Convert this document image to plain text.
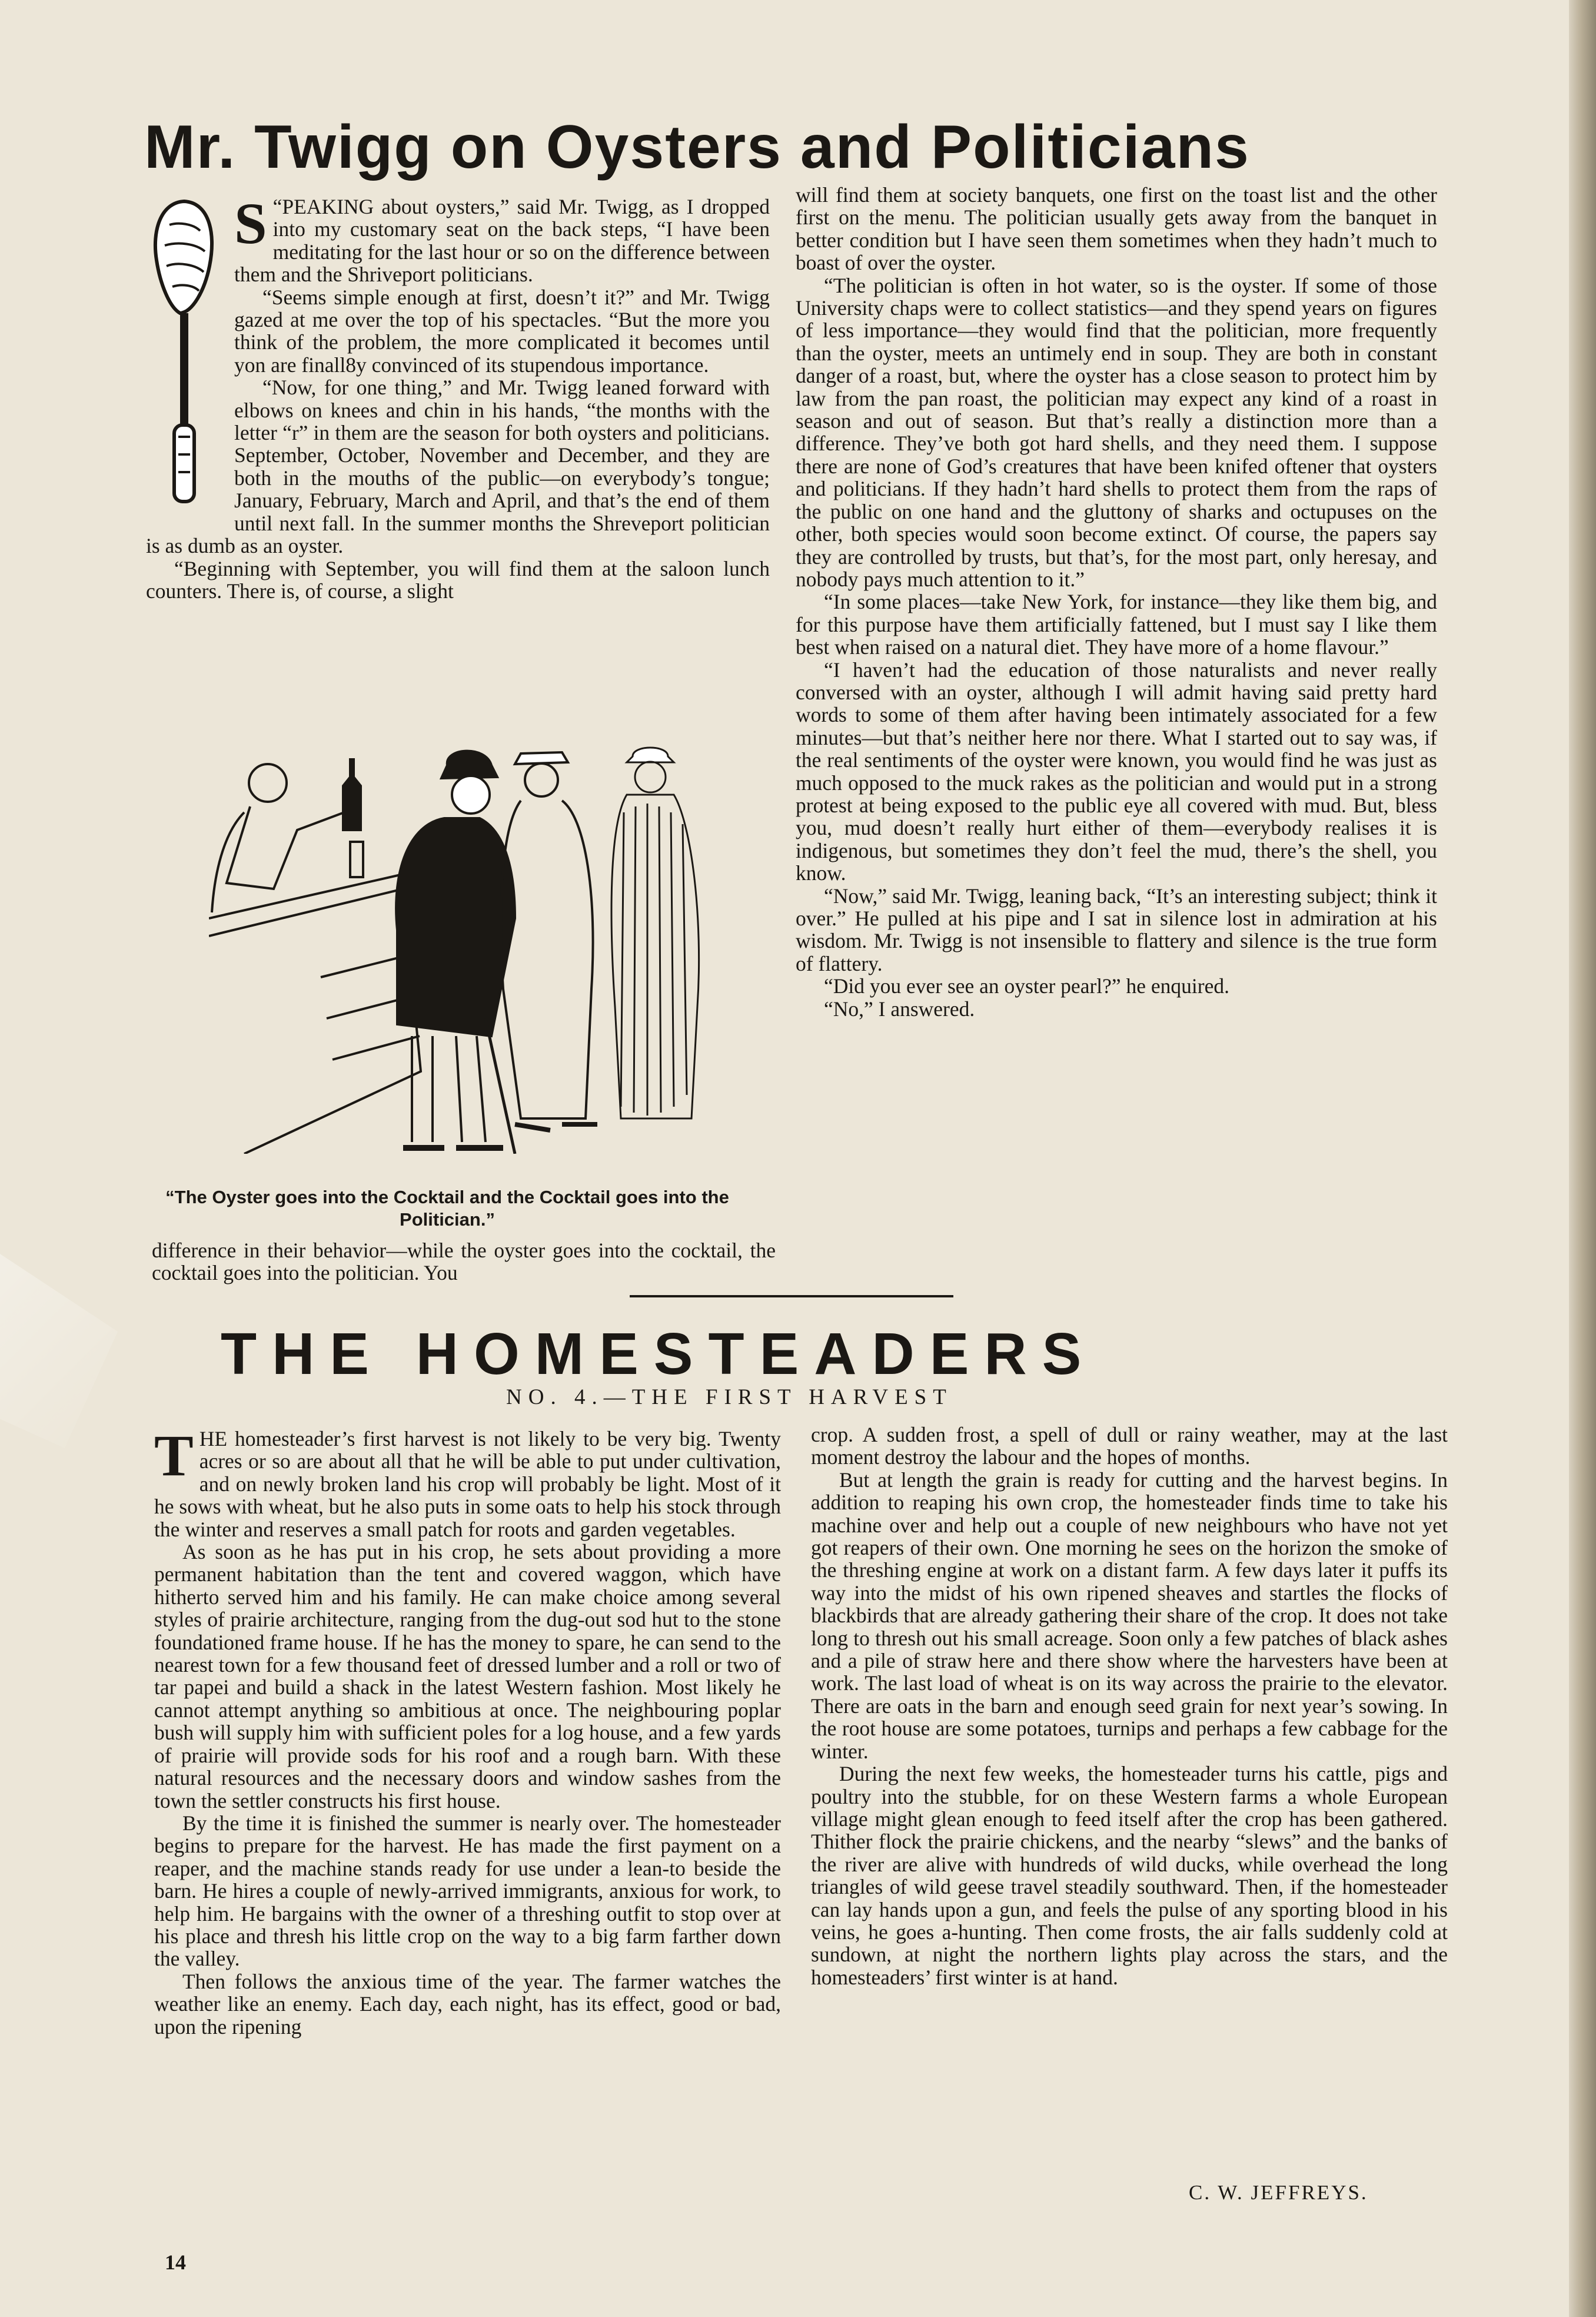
Mr. Twigg on Oysters and Politicians
S “PEAKING about oysters,” said Mr. Twigg, as I dropped into my customary seat on the back steps, “I have been meditating for the last hour or so on the difference between them and the Shriveport politicians.

“Seems simple enough at first, doesn’t it?” and Mr. Twigg gazed at me over the top of his spectacles. “But the more you think of the problem, the more complicated it becomes until yon are finall8y convinced of its stupendous importance.

“Now, for one thing,” and Mr. Twigg leaned forward with elbows on knees and chin in his hands, “the months with the letter “r” in them are the season for both oysters and politicians. September, October, November and December, and they are both in the mouths of the public—on everybody’s tongue; January, February, March and April, and that’s the end of them until next fall. In the summer months the Shreveport politician is as dumb as an oyster.

“Beginning with September, you will find them at the saloon lunch counters. There is, of course, a slight

“The Oyster goes into the Cocktail and the Cocktail goes into the Politician.”

difference in their behavior—while the oyster goes into the cocktail, the cocktail goes into the politician. You

will find them at society banquets, one first on the toast list and the other first on the menu. The politician usually gets away from the banquet in better condition but I have seen them sometimes when they hadn’t much to boast of over the oyster.

“The politician is often in hot water, so is the oyster. If some of those University chaps were to collect statistics—and they spend years on figures of less importance—they would find that the politician, more frequently than the oyster, meets an untimely end in soup. They are both in constant danger of a roast, but, where the oyster has a close season to protect him by law from the pan roast, the politician may expect any kind of a roast in season and out of season. But that’s really a distinction more than a difference. They’ve both got hard shells, and they need them. I suppose there are none of God’s creatures that have been knifed oftener that oysters and politicians. If they hadn’t hard shells to protect them from the raps of the public on one hand and the gluttony of sharks and octupuses on the other, both species would soon become extinct. Of course, the papers say they are controlled by trusts, but that’s, for the most part, only heresay, and nobody pays much attention to it.”

“In some places—take New York, for instance—they like them big, and for this purpose have them artificially fattened, but I must say I like them best when raised on a natural diet. They have more of a home flavour.”

“I haven’t had the education of those naturalists and never really conversed with an oyster, although I will admit having said pretty hard words to some of them after having been intimately associated for a few minutes—but that’s neither here nor there. What I started out to say was, if the real sentiments of the oyster were known, you would find he was just as much opposed to the muck rakes as the politician and would put in a strong protest at being exposed to the public eye all covered with mud. But, bless you, mud doesn’t really hurt either of them—everybody realises it is indigenous, but sometimes they don’t feel the mud, there’s the shell, you know.

“Now,” said Mr. Twigg, leaning back, “It’s an interesting subject; think it over.” He pulled at his pipe and I sat in silence lost in admiration at his wisdom. Mr. Twigg is not insensible to flattery and silence is the true form of flattery.

“Did you ever see an oyster pearl?” he enquired.

“No,” I answered.

THE HOMESTEADERS

NO. 4.—THE FIRST HARVEST

T HE homesteader’s first harvest is not likely to be very big. Twenty acres or so are about all that he will be able to put under cultivation, and on newly broken land his crop will probably be light. Most of it he sows with wheat, but he also puts in some oats to help his stock through the winter and reserves a small patch for roots and garden vegetables.

As soon as he has put in his crop, he sets about providing a more permanent habitation than the tent and covered waggon, which have hitherto served him and his family. He can make choice among several styles of prairie architecture, ranging from the dug-out sod hut to the stone foundationed frame house. If he has the money to spare, he can send to the nearest town for a few thousand feet of dressed lumber and a roll or two of tar papei and build a shack in the latest Western fashion. Most likely he cannot attempt anything so ambitious at once. The neighbouring poplar bush will supply him with sufficient poles for a log house, and a few yards of prairie will provide sods for his roof and a rough barn. With these natural resources and the necessary doors and window sashes from the town the settler constructs his first house.

By the time it is finished the summer is nearly over. The homesteader begins to prepare for the harvest. He has made the first payment on a reaper, and the machine stands ready for use under a lean-to beside the barn. He hires a couple of newly-arrived immigrants, anxious for work, to help him. He bargains with the owner of a threshing outfit to stop over at his place and thresh his little crop on the way to a big farm farther down the valley.

Then follows the anxious time of the year. The farmer watches the weather like an enemy. Each day, each night, has its effect, good or bad, upon the ripening

crop. A sudden frost, a spell of dull or rainy weather, may at the last moment destroy the labour and the hopes of months.

But at length the grain is ready for cutting and the harvest begins. In addition to reaping his own crop, the homesteader finds time to take his machine over and help out a couple of new neighbours who have not yet got reapers of their own. One morning he sees on the horizon the smoke of the threshing engine at work on a distant farm. A few days later it puffs its way into the midst of his own ripened sheaves and startles the flocks of blackbirds that are already gathering their share of the crop. It does not take long to thresh out his small acreage. Soon only a few patches of black ashes and a pile of straw here and there show where the harvesters have been at work. The last load of wheat is on its way across the prairie to the elevator. There are oats in the barn and enough seed grain for next year’s sowing. In the root house are some potatoes, turnips and perhaps a few cabbage for the winter.

During the next few weeks, the homesteader turns his cattle, pigs and poultry into the stubble, for on these Western farms a whole European village might glean enough to feed itself after the crop has been gathered. Thither flock the prairie chickens, and the nearby “slews” and the banks of the river are alive with hundreds of wild ducks, while overhead the long triangles of wild geese travel steadily southward. Then, if the homesteader can lay hands upon a gun, and feels the pulse of any sporting blood in his veins, he goes a-hunting. Then come frosts, the air falls suddenly cold at sundown, at night the northern lights play across the stars, and the homesteaders’ first winter is at hand.

C. W. JEFFREYS.
14
